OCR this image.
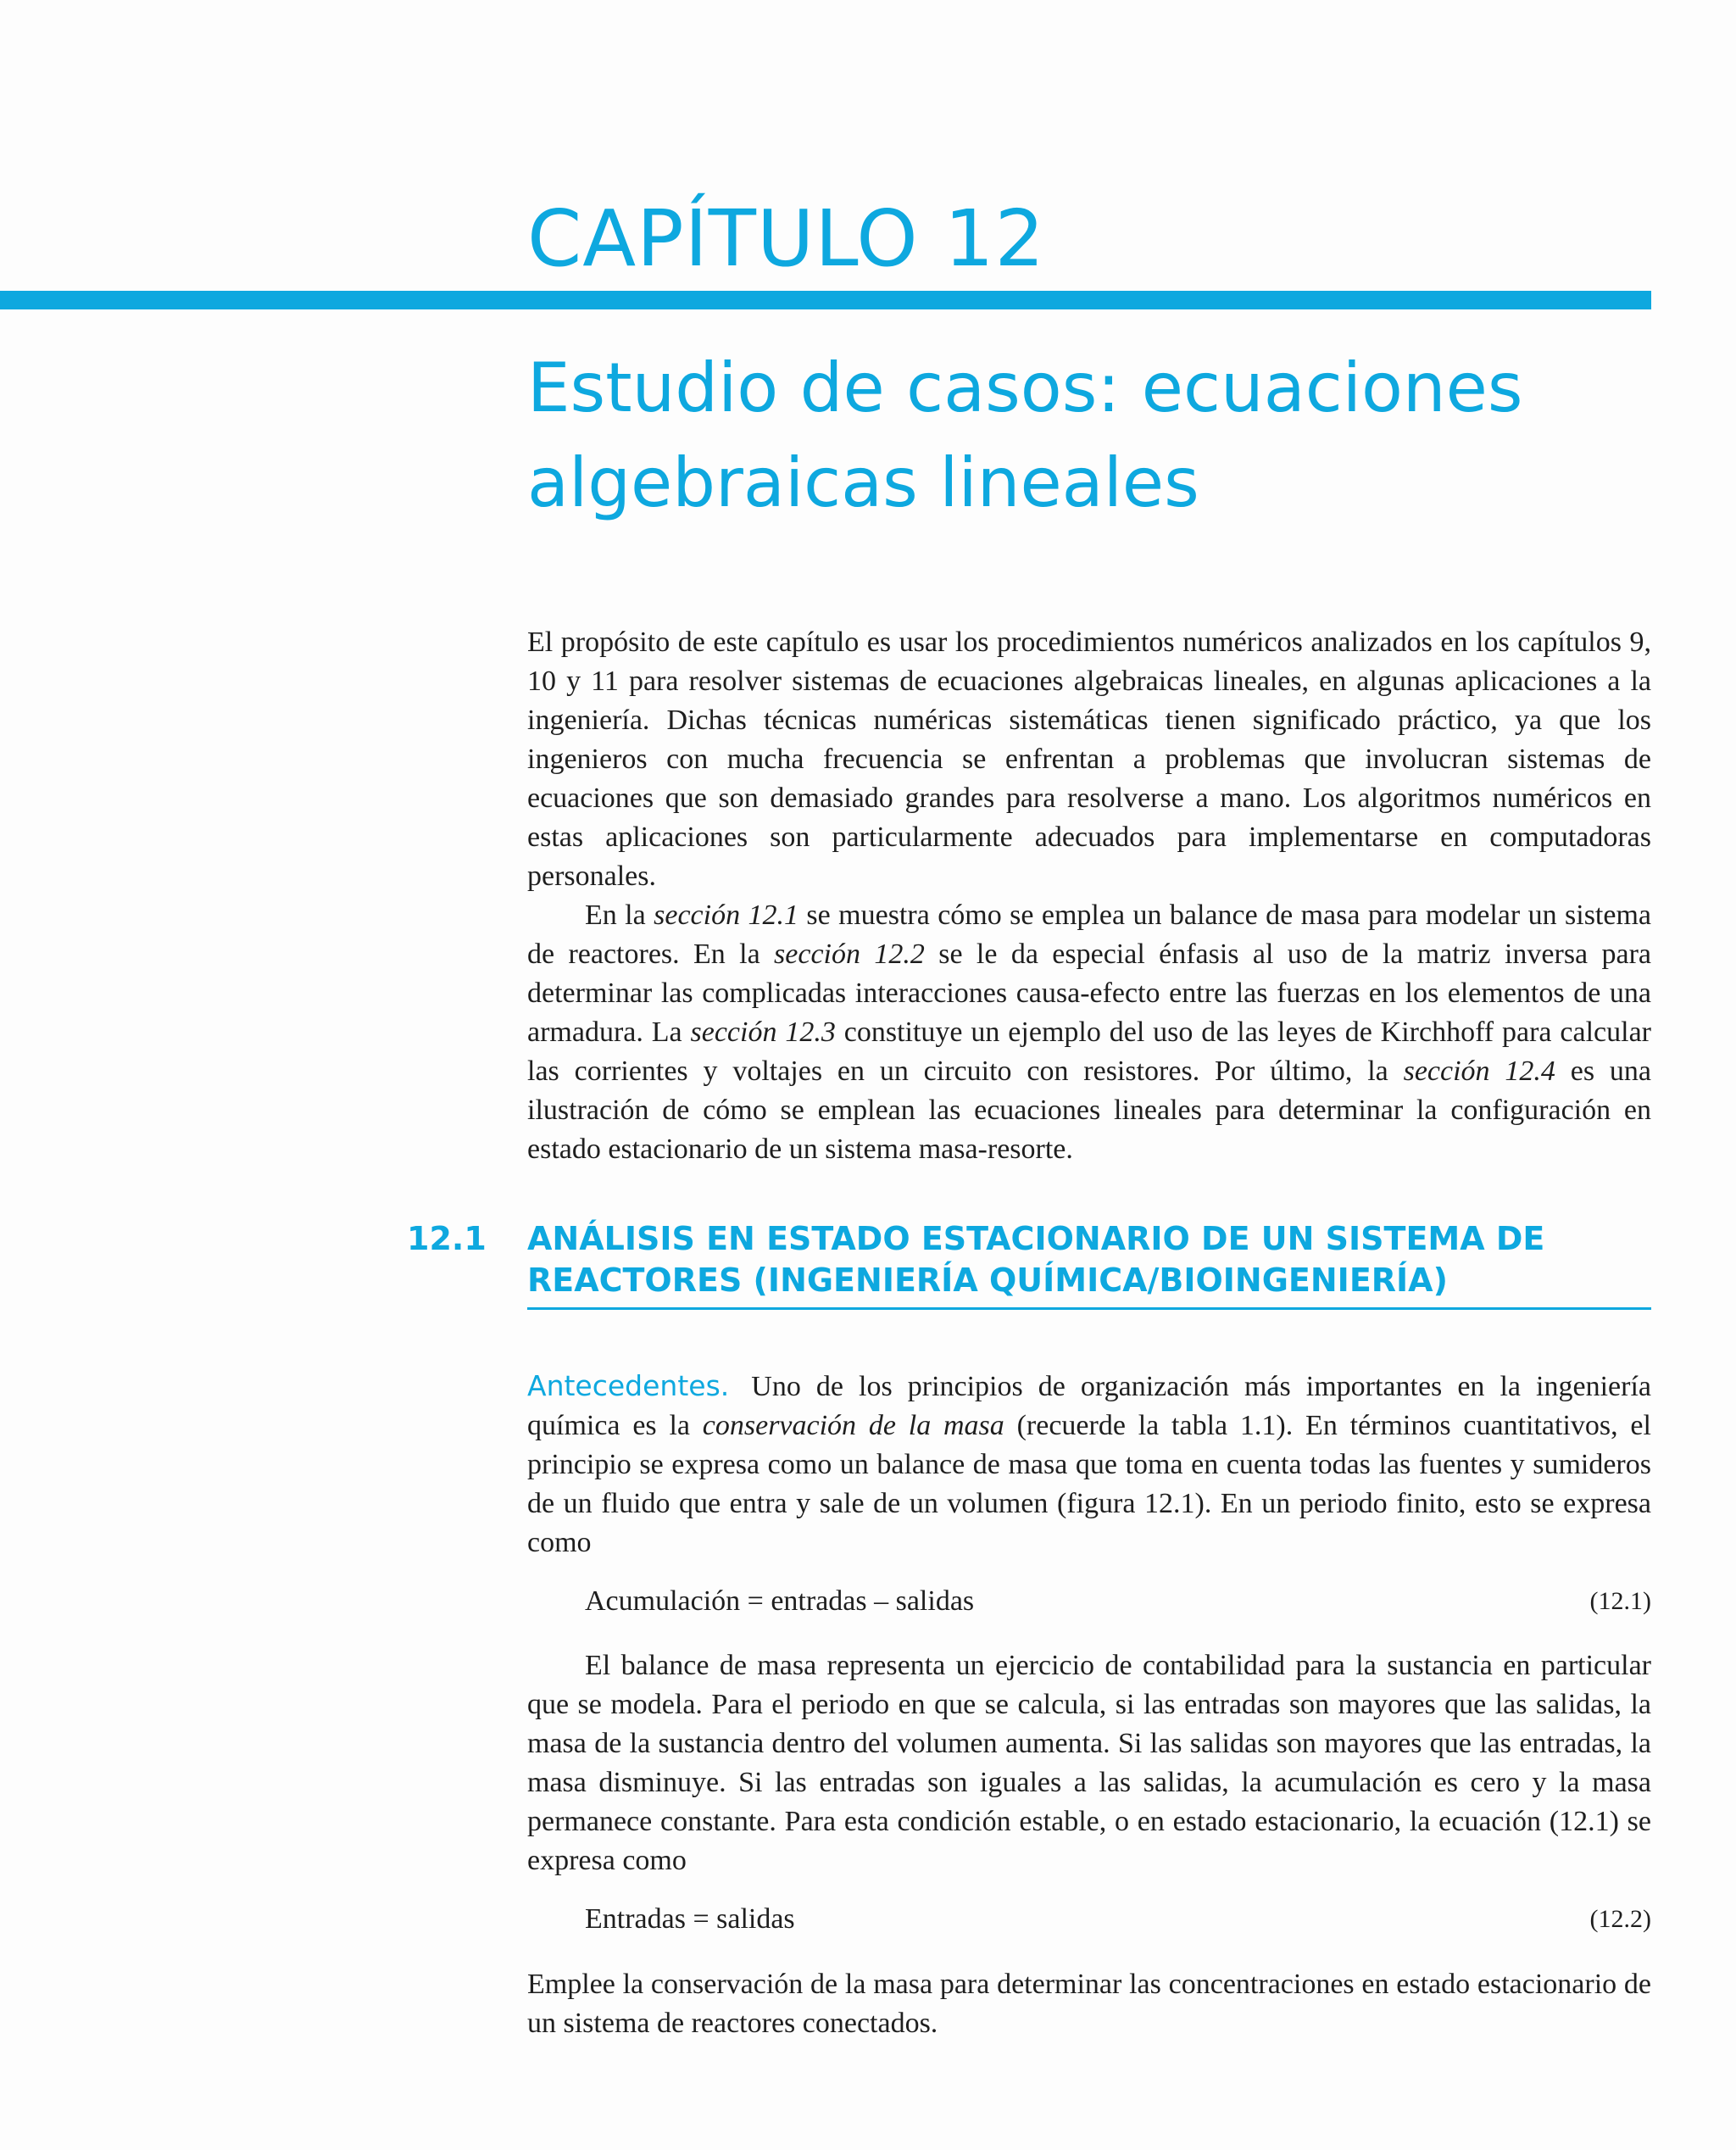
CAPÍTULO 12
Estudio de casos: ecuaciones algebraicas lineales

El propósito de este capítulo es usar los procedimientos numéricos analizados en los capítulos 9, 10 y 11 para resolver sistemas de ecuaciones algebraicas lineales, en algunas aplicaciones a la ingeniería. Dichas técnicas numéricas sistemáticas tienen significado práctico, ya que los ingenieros con mucha frecuencia se enfrentan a problemas que involucran sistemas de ecuaciones que son demasiado grandes para resolverse a mano. Los algoritmos numéricos en estas aplicaciones son particularmente adecuados para implementarse en computadoras personales.

En la sección 12.1 se muestra cómo se emplea un balance de masa para modelar un sistema de reactores. En la sección 12.2 se le da especial énfasis al uso de la matriz inversa para determinar las complicadas interacciones causa-efecto entre las fuerzas en los elementos de una armadura. La sección 12.3 constituye un ejemplo del uso de las leyes de Kirchhoff para calcular las corrientes y voltajes en un circuito con resistores. Por último, la sección 12.4 es una ilustración de cómo se emplean las ecuaciones lineales para determinar la configuración en estado estacionario de un sistema masa-resorte.

12.1 ANÁLISIS EN ESTADO ESTACIONARIO DE UN SISTEMA DE REACTORES (INGENIERÍA QUÍMICA/BIOINGENIERÍA)

Antecedentes. Uno de los principios de organización más importantes en la ingeniería química es la conservación de la masa (recuerde la tabla 1.1). En términos cuantitativos, el principio se expresa como un balance de masa que toma en cuenta todas las fuentes y sumideros de un fluido que entra y sale de un volumen (figura 12.1). En un periodo finito, esto se expresa como

Acumulación = entradas – salidas	(12.1)

El balance de masa representa un ejercicio de contabilidad para la sustancia en particular que se modela. Para el periodo en que se calcula, si las entradas son mayores que las salidas, la masa de la sustancia dentro del volumen aumenta. Si las salidas son mayores que las entradas, la masa disminuye. Si las entradas son iguales a las salidas, la acumulación es cero y la masa permanece constante. Para esta condición estable, o en estado estacionario, la ecuación (12.1) se expresa como

Entradas = salidas	(12.2)

Emplee la conservación de la masa para determinar las concentraciones en estado estacionario de un sistema de reactores conectados.
